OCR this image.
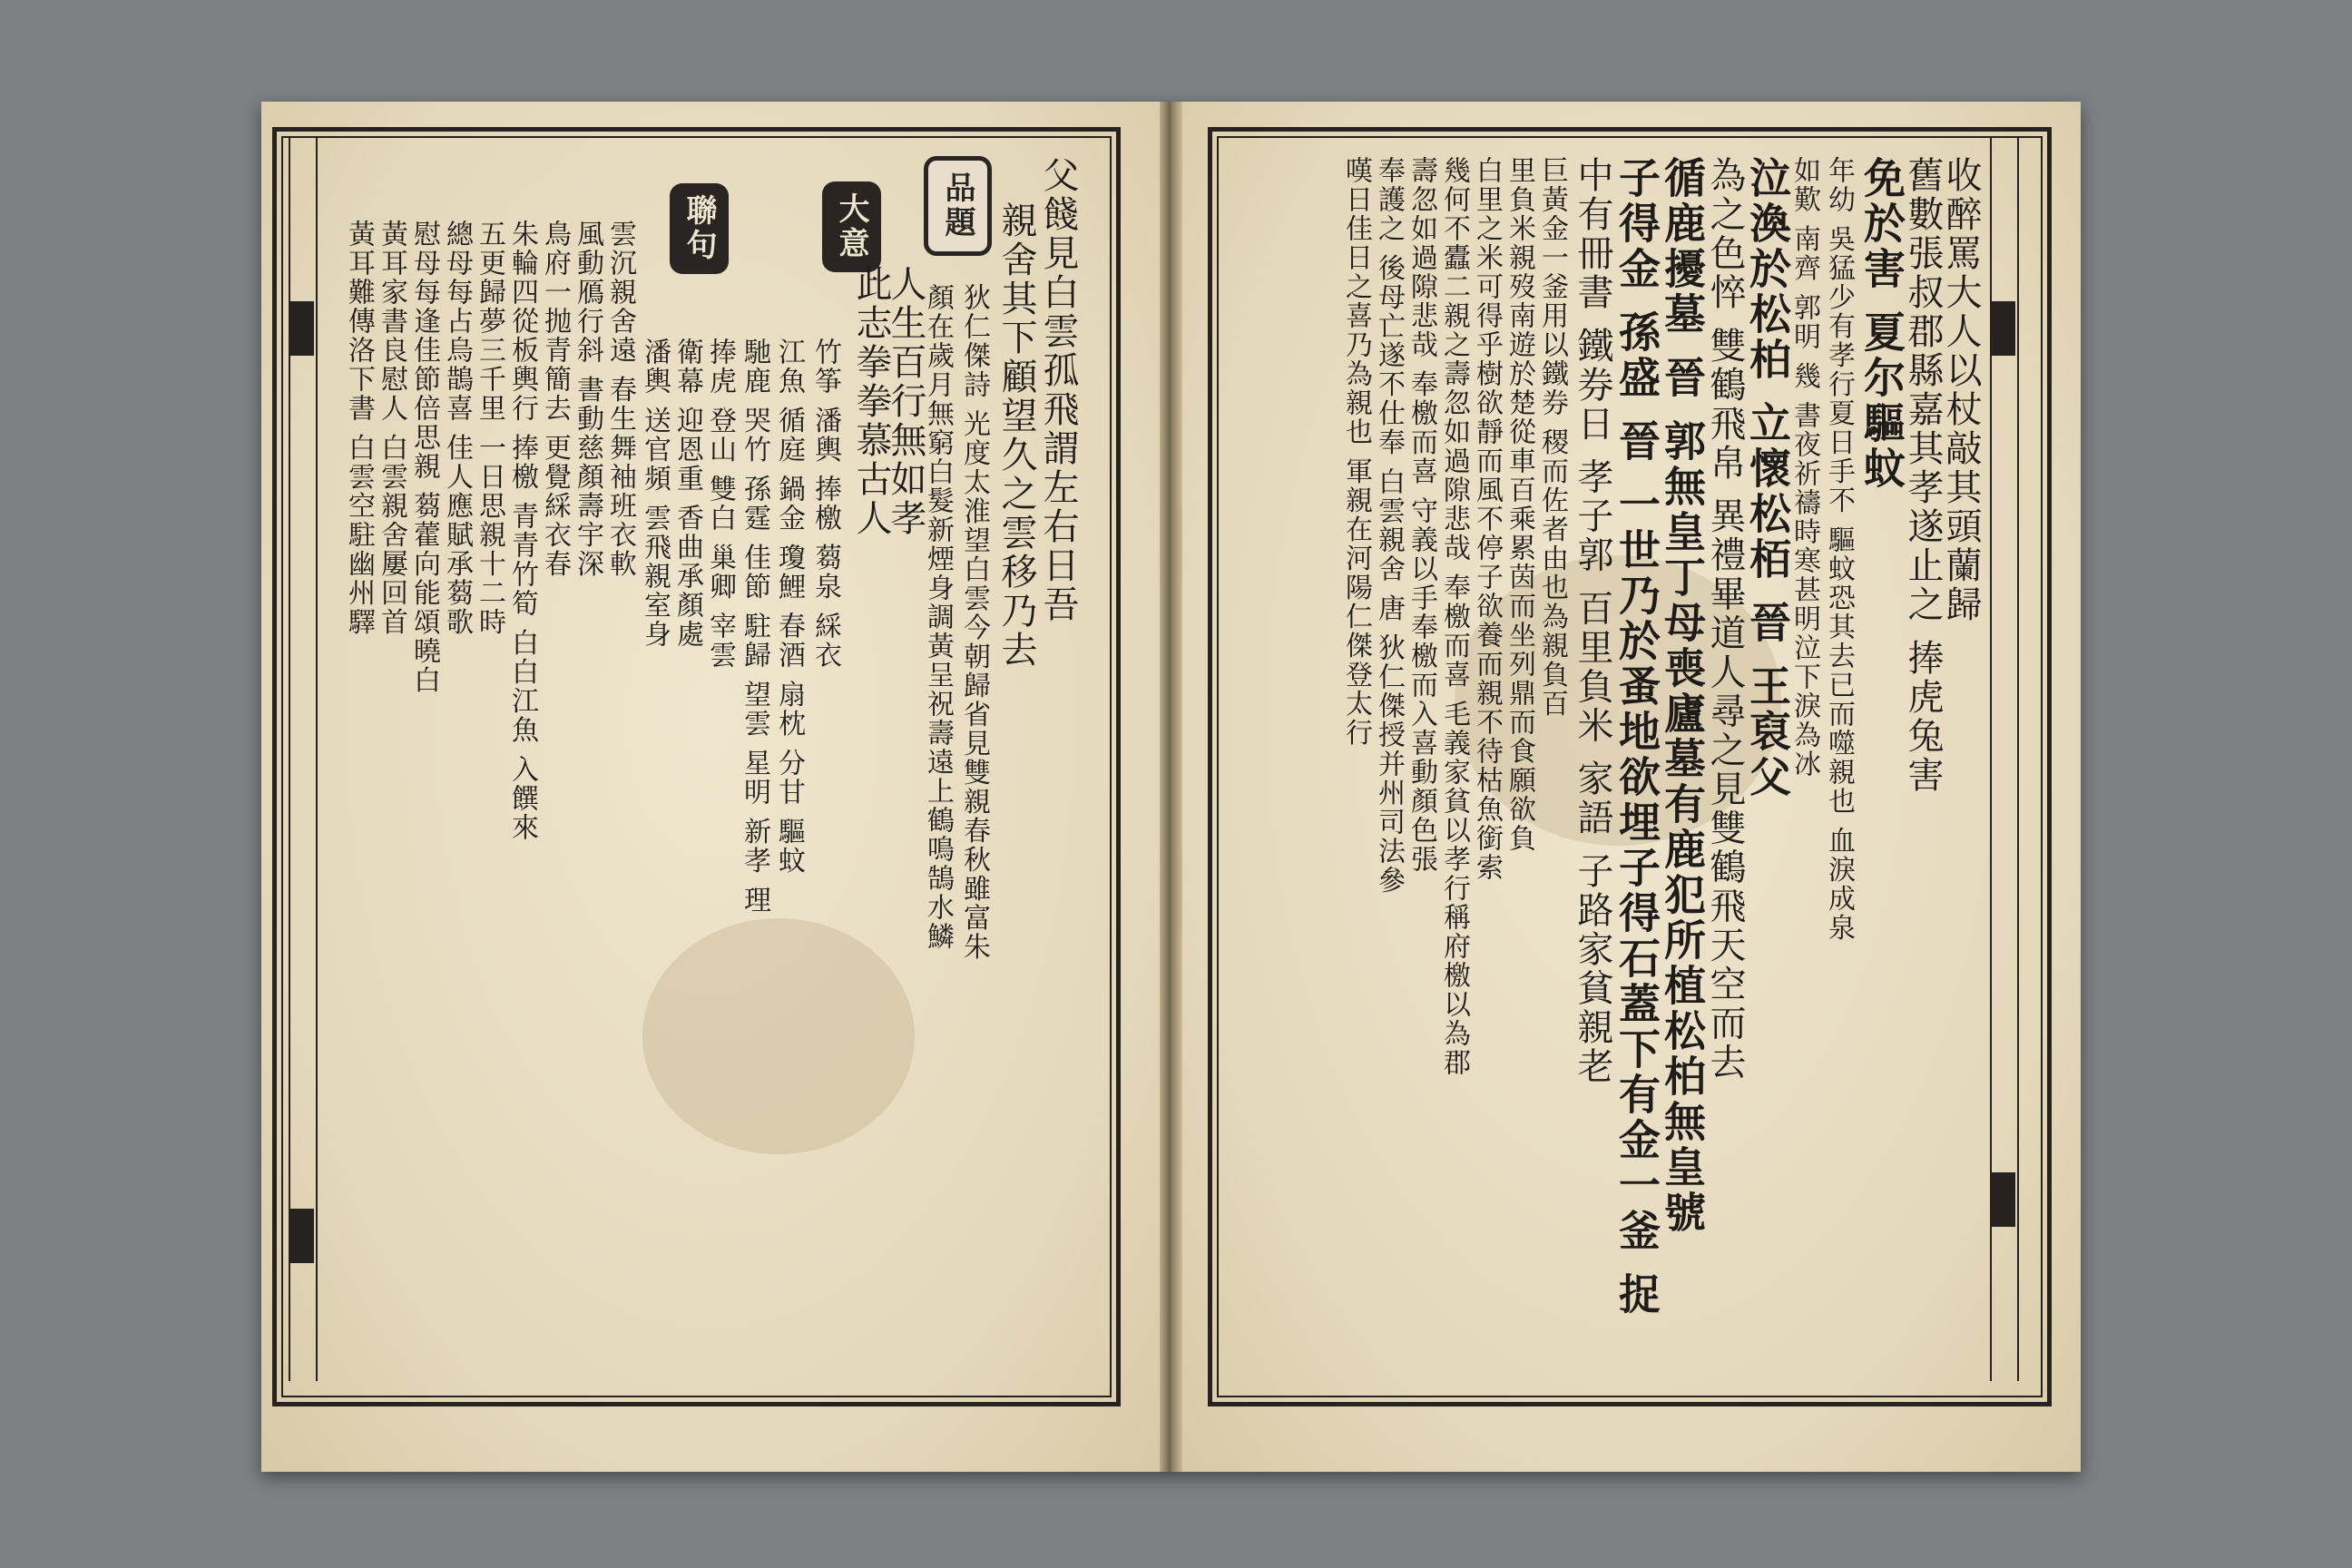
品題
大意
聯句	父餞見白雲孤飛謂左右日吾
親舍其下顧望久之雲移乃去
狄仁傑詩 光度太淮望白雲今朝歸省見雙親春秋雖富朱
顏在歲月無窮白髮新煙身調黃呈祝壽遠上鶴鳴鵠水鱗
人生百行無如孝
此志拳拳慕古人
竹筝 潘輿 捧檄 蒭泉 綵衣
江魚 循庭 鍋金 瓊鯉 春酒 扇枕 分甘 驅蚊
馳鹿 哭竹 孫霆 佳節 駐歸 望雲 星明 新孝 理
捧虎 登山 雙白 巢卿 宰雲
衛幕 迎恩重 香曲承顏處
潘輿 送官頻 雲飛親室身
雲沉親舍遠 春生舞袖班衣軟
風動鴈行斜 書動慈顏壽宇深
鳥府一抛青簡去 更覺綵衣春
朱輪四從板輿行 捧檄 青青竹筍 白白江魚 入饌來
五更歸夢三千里 一日思親十二時
總母每占烏鵲喜 佳人應賦承蒭歌
慰母每逢佳節倍思親 蒭藿向能頌曉白
黃耳家書良慰人 白雲親舍屢回首
黃耳難傳洛下書 白雲空駐幽州驛	收醉罵大人以杖敲其頭蘭歸
舊數張叔郡縣嘉其孝遂止之 捧虎兔害
免於害 夏尔驅蚊
年幼 吳猛少有孝行夏日手不 驅蚊恐其去已而噬親也 血淚成泉
如歎 南齊 郭明 幾 書夜祈禱時寒甚明泣下淚為冰
泣渙於松柏 立懷松栢 晉 王裒父
為之色悴 雙鶴飛帛 異禮畢道人尋之見雙鶴飛天空而去
循鹿擾墓 晉 郭無皇丁母喪廬墓有鹿犯所植松柏無皇號
子得金 孫盛 晉 一世乃於蚤地欲埋子得石蓋下有金一釜 捉
中有冊書 鐵券日 孝子郭 百里負米 家語 子路家貧親老
巨黃金一釜用以鐵券 稷而佐者由也為親負百
里負米親歿南遊於楚從車百乘累茵而坐列鼎而食願欲負
白里之米可得乎樹欲靜而風不停子欲養而親不待枯魚銜索
幾何不蠹二親之壽忽如過隙悲哉 奉檄而喜 毛義家貧以孝行稱府檄以為郡
壽忽如過隙悲哉 奉檄而喜 守義以手奉檄而入喜動顏色張
奉護之 後母亡遂不仕奉 白雲親舍 唐 狄仁傑授并州司法參
嘆日佳日之喜乃為親也 軍親在河陽仁傑登太行
